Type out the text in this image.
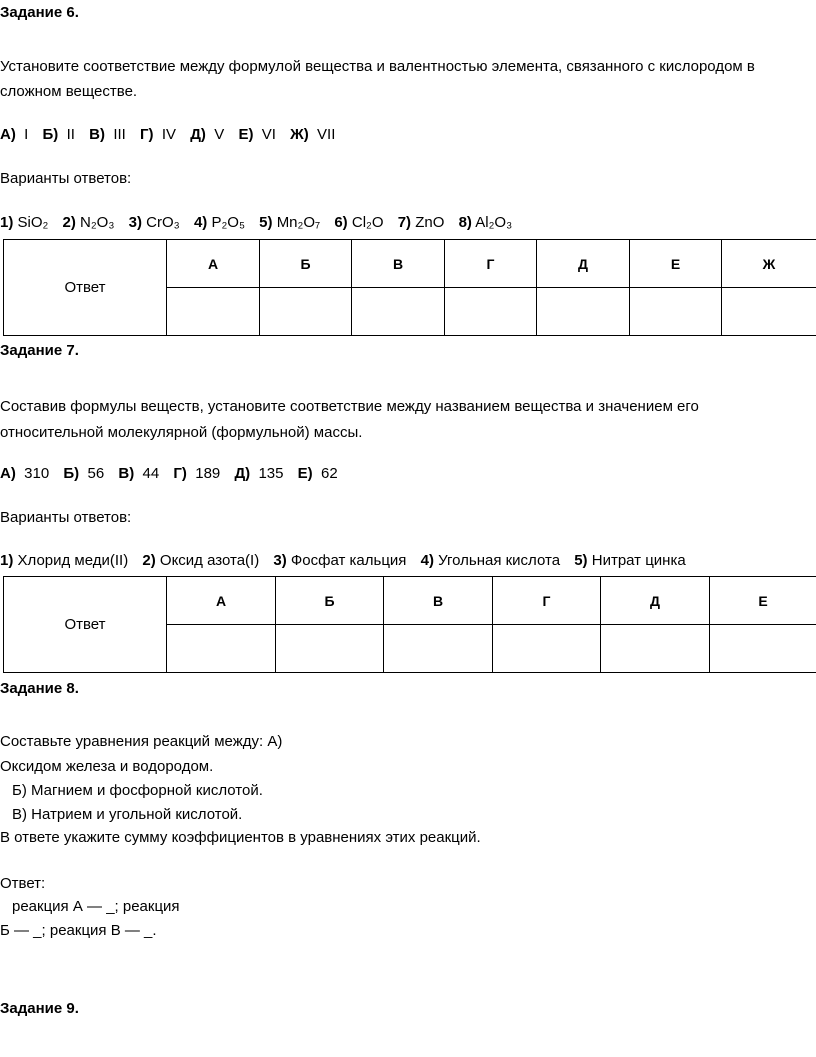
Задание 6.
Установите соответствие между формулой вещества и валентностью элемента, связанного с кислородом в
сложном веществе.
А) I Б) II В) III Г) IV Д) V Е) VI Ж) VII
Варианты ответов:
1) SiO₂ 2) N₂O₃ 3) CrO₃ 4) P₂O₅ 5) Mn₂O₇ 6) Cl₂O 7) ZnO 8) Al₂O₃
Ответ	А	Б	В	Г	Д	Е	Ж

Задание 7.
Составив формулы веществ, установите соответствие между названием вещества и значением его
относительной молекулярной (формульной) массы.
А) 310 Б) 56 В) 44 Г) 189 Д) 135 Е) 62
Варианты ответов:
1) Хлорид меди(II) 2) Оксид азота(I) 3) Фосфат кальция 4) Угольная кислота 5) Нитрат цинка
Ответ	А	Б	В	Г	Д	Е

Задание 8.
Составьте уравнения реакций между: А)
Оксидом железа и водородом.
Б) Магнием и фосфорной кислотой.
В) Натрием и угольной кислотой.
В ответе укажите сумму коэффициентов в уравнениях этих реакций.
Ответ:
реакция А — _; реакция
Б — _; реакция В — _.
Задание 9.
